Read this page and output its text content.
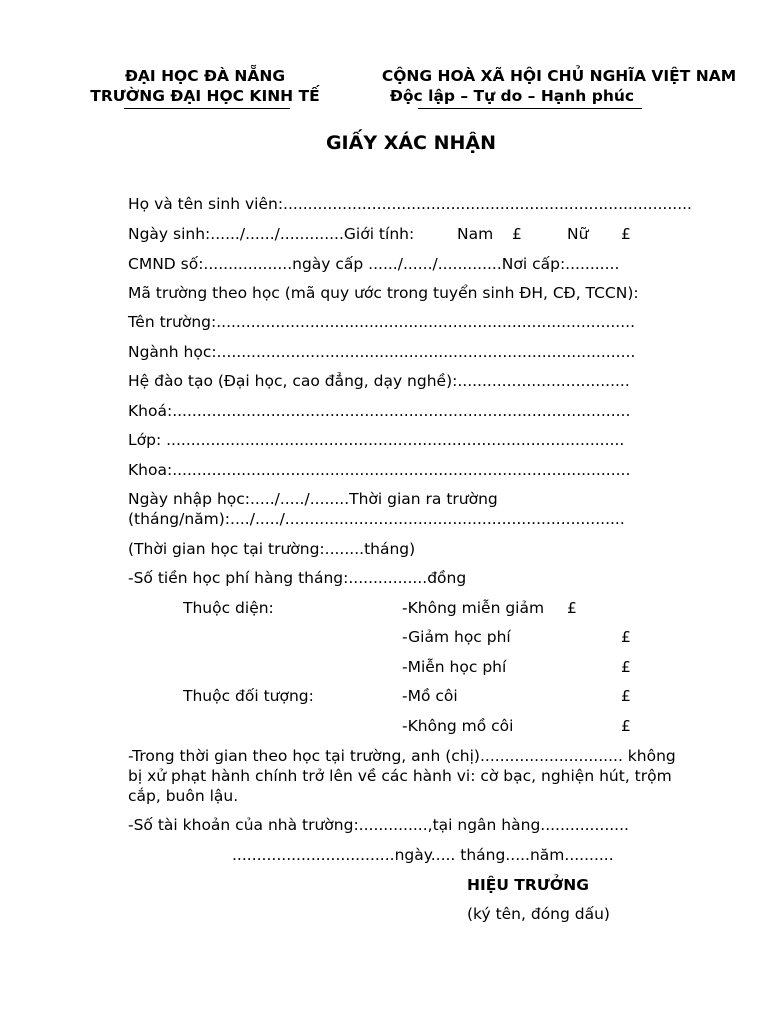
ĐẠI HỌC ĐÀ NẴNG
TRƯỜNG ĐẠI HỌC KINH TẾ
CỘNG HOÀ XÃ HỘI CHỦ NGHĨA VIỆT NAM
Độc lập – Tự do – Hạnh phúc
GIẤY XÁC NHẬN
Họ và tên sinh viên:...................................................................................
Ngày sinh:....../....../.............Giới tính:	Nam £	Nữ £
CMND số:..................ngày cấp ....../....../.............Nơi cấp:...........
Mã trường theo học (mã quy ước trong tuyển sinh ĐH, CĐ, TCCN):
Tên trường:.....................................................................................
Ngành học:.....................................................................................
Hệ đào tạo (Đại học, cao đẳng, dạy nghề):...................................
Khoá:.............................................................................................
Lớp: .............................................................................................
Khoa:.............................................................................................
Ngày nhập học:...../...../........Thời gian ra trường
(tháng/năm):..../...../.....................................................................
(Thời gian học tại trường:........tháng)
-Số tiền học phí hàng tháng:................đồng
Thuộc diện:	-Không miễn giảm £
-Giảm học phí	£
-Miễn học phí	£
Thuộc đối tượng:	-Mồ côi	£
-Không mồ côi	£
-Trong thời gian theo học tại trường, anh (chị)............................. không bị xử phạt hành chính trở lên về các hành vi: cờ bạc, nghiện hút, trộm cắp, buôn lậu.
-Số tài khoản của nhà trường:..............,tại ngân hàng..................
.................................ngày..... tháng.....năm..........
HIỆU TRƯỞNG
(ký tên, đóng dấu)
